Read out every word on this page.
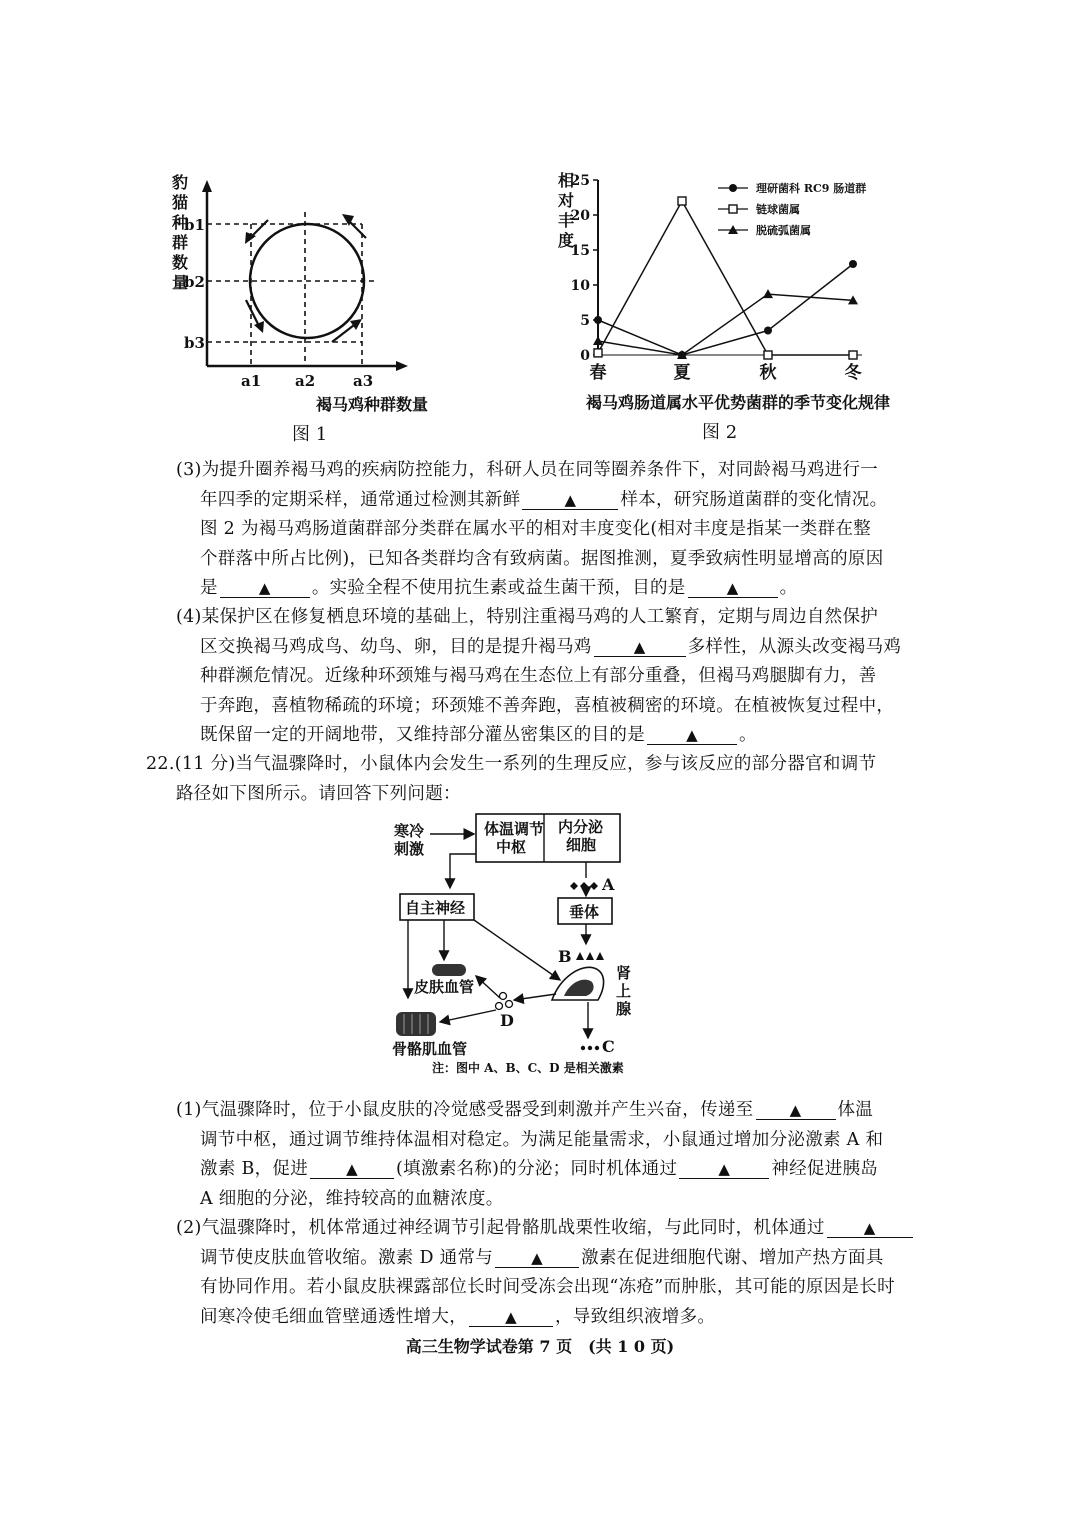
豹
猫
种
群
数
量
b1
b2
b3
a1 a2	a3
褐马鸡种群数量
图 1
相
对
丰
度
0
5
10
15
20
25
春	夏	秋	冬
理研菌科 RC9 肠道群
链球菌属
脱硫弧菌属
褐马鸡肠道属水平优势菌群的季节变化规律
图 2
(3)为提升圈养褐马鸡的疾病防控能力，科研人员在同等圈养条件下，对同龄褐马鸡进行一
年四季的定期采样，通常通过检测其新鲜 ▲	样本，研究肠道菌群的变化情况。
图 2 为褐马鸡肠道菌群部分类群在属水平的相对丰度变化(相对丰度是指某一类群在整
个群落中所占比例)，已知各类群均含有致病菌。据图推测，夏季致病性明显增高的原因
是 ▲	。实验全程不使用抗生素或益生菌干预，目的是 ▲	。
(4)某保护区在修复栖息环境的基础上，特别注重褐马鸡的人工繁育，定期与周边自然保护
区交换褐马鸡成鸟、幼鸟、卵，目的是提升褐马鸡 ▲	多样性，从源头改变褐马鸡
种群濒危情况。近缘种环颈雉与褐马鸡在生态位上有部分重叠，但褐马鸡腿脚有力，善
于奔跑，喜植物稀疏的环境；环颈雉不善奔跑，喜植被稠密的环境。在植被恢复过程中，
既保留一定的开阔地带，又维持部分灌丛密集区的目的是 ▲	。
22.(11 分)当气温骤降时，小鼠体内会发生一系列的生理反应，参与该反应的部分器官和调节
路径如下图所示。请回答下列问题：
寒冷
刺激
体温调节
中枢
内分泌
细胞
A
自主神经	垂体
B
肾
上
腺
皮肤血管
D
骨骼肌血管	C
注：图中 A、B、C、D 是相关激素
(1)气温骤降时，位于小鼠皮肤的冷觉感受器受到刺激并产生兴奋，传递至 ▲	体温
调节中枢，通过调节维持体温相对稳定。为满足能量需求，小鼠通过增加分泌激素 A 和
激素 B，促进 ▲	(填激素名称)的分泌；同时机体通过 ▲	神经促进胰岛
A 细胞的分泌，维持较高的血糖浓度。
(2)气温骤降时，机体常通过神经调节引起骨骼肌战栗性收缩，与此同时，机体通过▲
调节使皮肤血管收缩。激素 D 通常与 ▲	激素在促进细胞代谢、增加产热方面具
有协同作用。若小鼠皮肤裸露部位长时间受冻会出现“冻疮”而肿胀，其可能的原因是长时
间寒冷使毛细血管壁通透性增大， ▲	，导致组织液增多。
高三生物学试卷第 7 页　(共 1 0 页)
